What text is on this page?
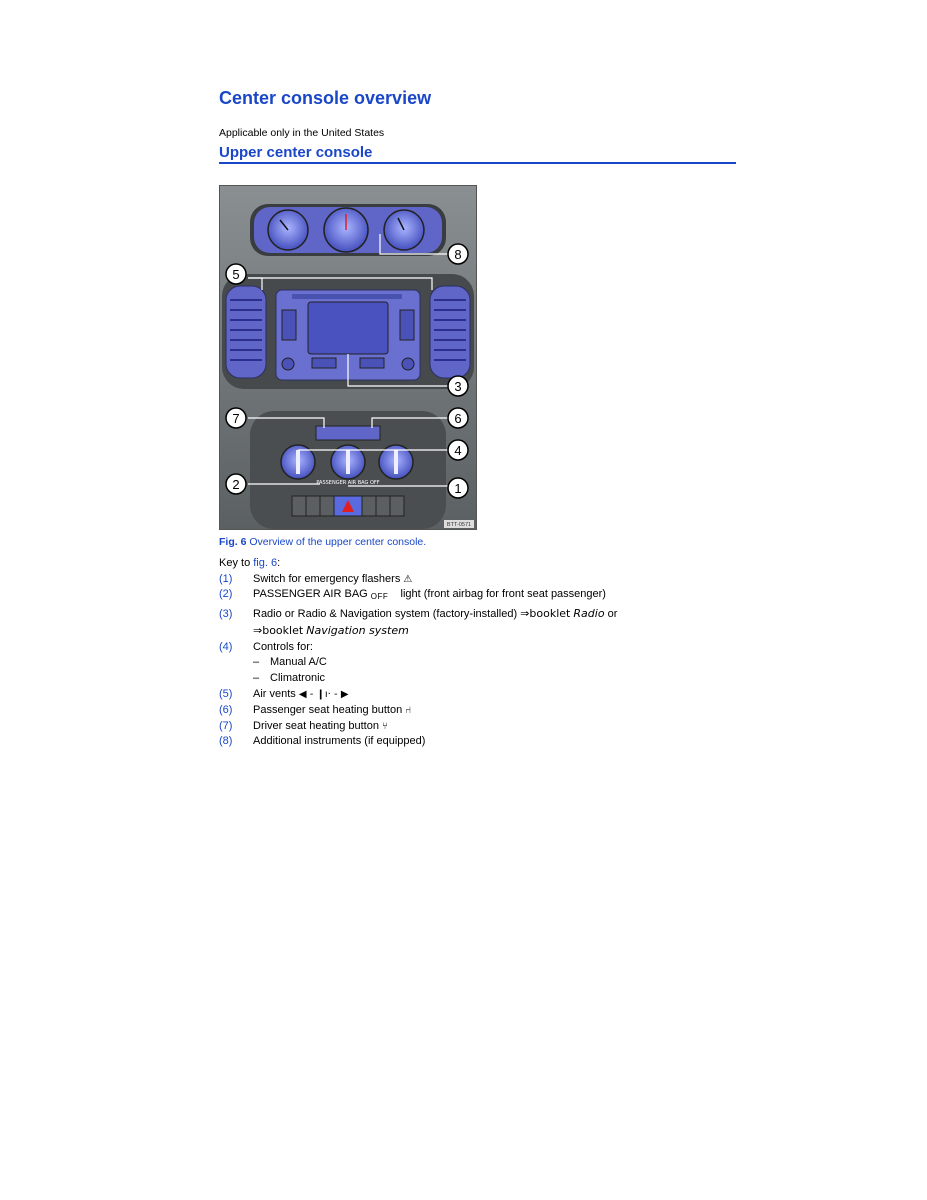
Center console overview
Applicable only in the United States
Upper center console
PASSENGER AIR BAG OFF
8
5
3
7	6
4
2	1
BTT-0571
Fig. 6 Overview of the upper center console.
Key to fig. 6:
(1) Switch for emergency flashers ⚠
(2) PASSENGER AIR BAG OFF light (front airbag for front seat passenger)
(3) Radio or Radio & Navigation system (factory-installed) ⇒booklet Radio or
⇒booklet Navigation system
(4) Controls for:
– Manual A/C
– Climatronic
(5) Air vents ◀ ‑ ❙ı· ‑ ▶
(6) Passenger seat heating button ⑁
(7) Driver seat heating button ⑂
(8) Additional instruments (if equipped)
